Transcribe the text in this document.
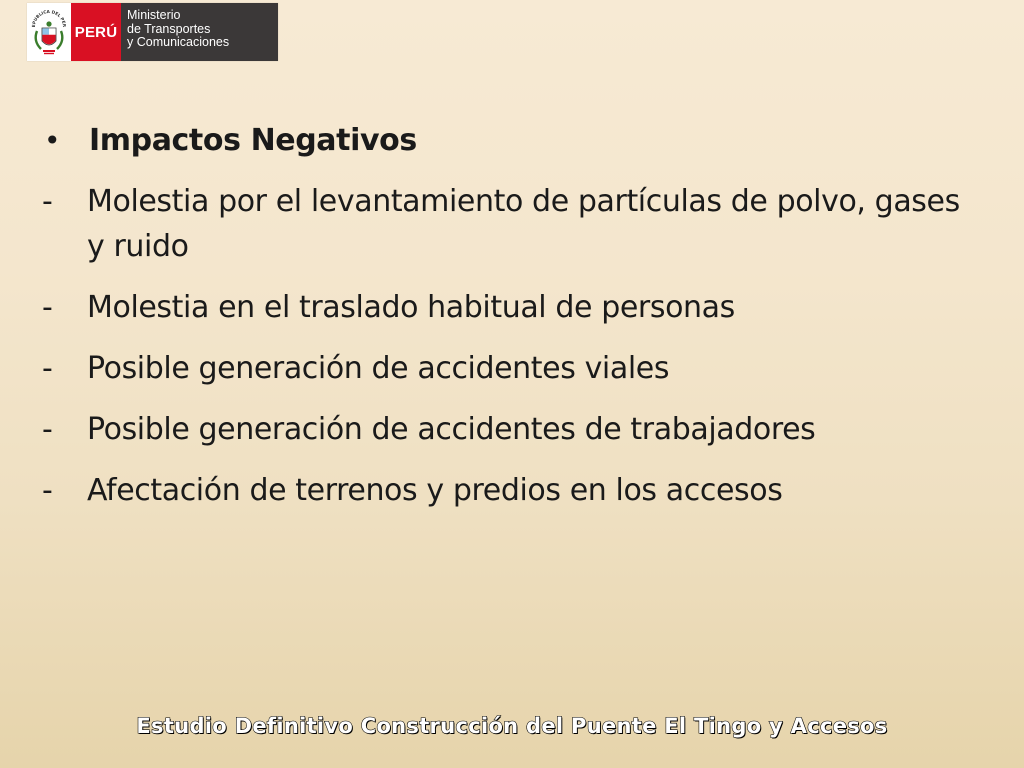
EPUBLICA DEL PER PERÚ
Ministerio
de Transportes
y Comunicaciones
• Impactos Negativos
-	Molestia por el levantamiento de partículas de polvo, gases y ruido
-	Molestia en el traslado habitual de personas
-	Posible generación de accidentes viales
-	Posible generación de accidentes de trabajadores
-	Afectación de terrenos y predios en los accesos
Estudio Definitivo Construcción del Puente El Tingo y Accesos
